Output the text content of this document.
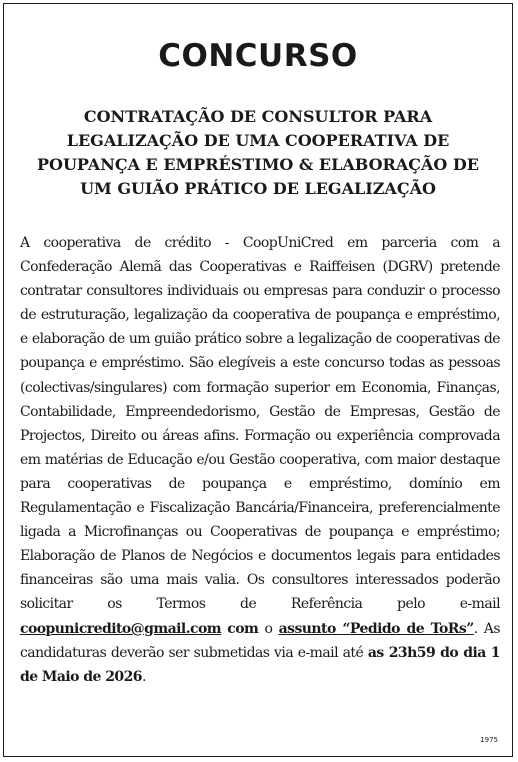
CONCURSO
CONTRATAÇÃO DE CONSULTOR PARA LEGALIZAÇÃO DE UMA COOPERATIVA DE POUPANÇA E EMPRÉSTIMO & ELABORAÇÃO DE UM GUIÃO PRÁTICO DE LEGALIZAÇÃO

A cooperativa de crédito - CoopUniCred em parceria com a Confederação Alemã das Cooperativas e Raiffeisen (DGRV) pretende contratar consultores individuais ou empresas para conduzir o processo de estruturação, legalização da cooperativa de poupança e empréstimo, e elaboração de um guião prático sobre a legalização de cooperativas de poupança e empréstimo. São elegíveis a este concurso todas as pessoas (colectivas/singulares) com formação superior em Economia, Finanças, Contabilidade, Empreendedorismo, Gestão de Empresas, Gestão de Projectos, Direito ou áreas afins. Formação ou experiência comprovada em matérias de Educação e/ou Gestão cooperativa, com maior destaque para cooperativas de poupança e empréstimo, domínio em Regulamentação e Fiscalização Bancária/Financeira, preferencialmente ligada a Microfinanças ou Cooperativas de poupança e empréstimo; Elaboração de Planos de Negócios e documentos legais para entidades financeiras são uma mais valia. Os consultores interessados poderão solicitar os Termos de Referência pelo e-mail coopunicredito@gmail.com com o assunto “Pedido de ToRs”. As candidaturas deverão ser submetidas via e-mail até as 23h59 do dia 1 de Maio de 2026.

1975
